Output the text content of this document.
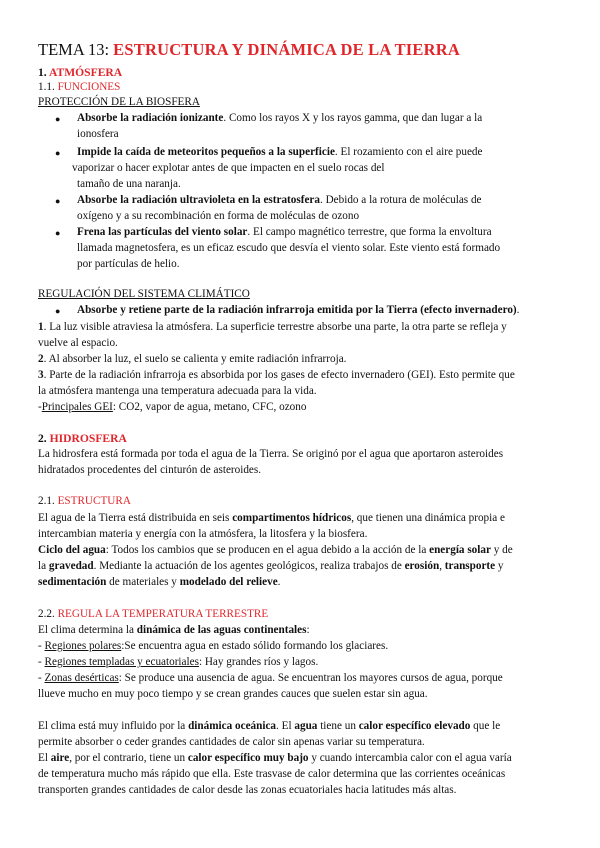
TEMA 13: ESTRUCTURA Y DINÁMICA DE LA TIERRA
1. ATMÓSFERA
1.1. FUNCIONES
PROTECCIÓN DE LA BIOSFERA
● Absorbe la radiación ionizante. Como los rayos X y los rayos gamma, que dan lugar a la
ionosfera
● Impide la caída de meteoritos pequeños a la superficie. El rozamiento con el aire puede
vaporizar o hacer explotar antes de que impacten en el suelo rocas del
tamaño de una naranja.
● Absorbe la radiación ultravioleta en la estratosfera. Debido a la rotura de moléculas de
oxígeno y a su recombinación en forma de moléculas de ozono
● Frena las partículas del viento solar. El campo magnético terrestre, que forma la envoltura
llamada magnetosfera, es un eficaz escudo que desvía el viento solar. Este viento está formado
por partículas de helio.
REGULACIÓN DEL SISTEMA CLIMÁTICO
● Absorbe y retiene parte de la radiación infrarroja emitida por la Tierra (efecto invernadero).
1. La luz visible atraviesa la atmósfera. La superficie terrestre absorbe una parte, la otra parte se refleja y
vuelve al espacio.
2. Al absorber la luz, el suelo se calienta y emite radiación infrarroja.
3. Parte de la radiación infrarroja es absorbida por los gases de efecto invernadero (GEI). Esto permite que
la atmósfera mantenga una temperatura adecuada para la vida.
-Principales GEI: CO2, vapor de agua, metano, CFC, ozono
2. HIDROSFERA
La hidrosfera está formada por toda el agua de la Tierra. Se originó por el agua que aportaron asteroides
hidratados procedentes del cinturón de asteroides.
2.1. ESTRUCTURA
El agua de la Tierra está distribuida en seis compartimentos hídricos, que tienen una dinámica propia e
intercambian materia y energía con la atmósfera, la litosfera y la biosfera.
Ciclo del agua: Todos los cambios que se producen en el agua debido a la acción de la energía solar y de
la gravedad. Mediante la actuación de los agentes geológicos, realiza trabajos de erosión, transporte y
sedimentación de materiales y modelado del relieve.
2.2. REGULA LA TEMPERATURA TERRESTRE
El clima determina la dinámica de las aguas continentales:
- Regiones polares:Se encuentra agua en estado sólido formando los glaciares.
- Regiones templadas y ecuatoriales: Hay grandes ríos y lagos.
- Zonas desérticas: Se produce una ausencia de agua. Se encuentran los mayores cursos de agua, porque
llueve mucho en muy poco tiempo y se crean grandes cauces que suelen estar sin agua.
El clima está muy influido por la dinámica oceánica. El agua tiene un calor específico elevado que le
permite absorber o ceder grandes cantidades de calor sin apenas variar su temperatura.
El aire, por el contrario, tiene un calor específico muy bajo y cuando intercambia calor con el agua varía
de temperatura mucho más rápido que ella. Este trasvase de calor determina que las corrientes oceánicas
transporten grandes cantidades de calor desde las zonas ecuatoriales hacia latitudes más altas.
